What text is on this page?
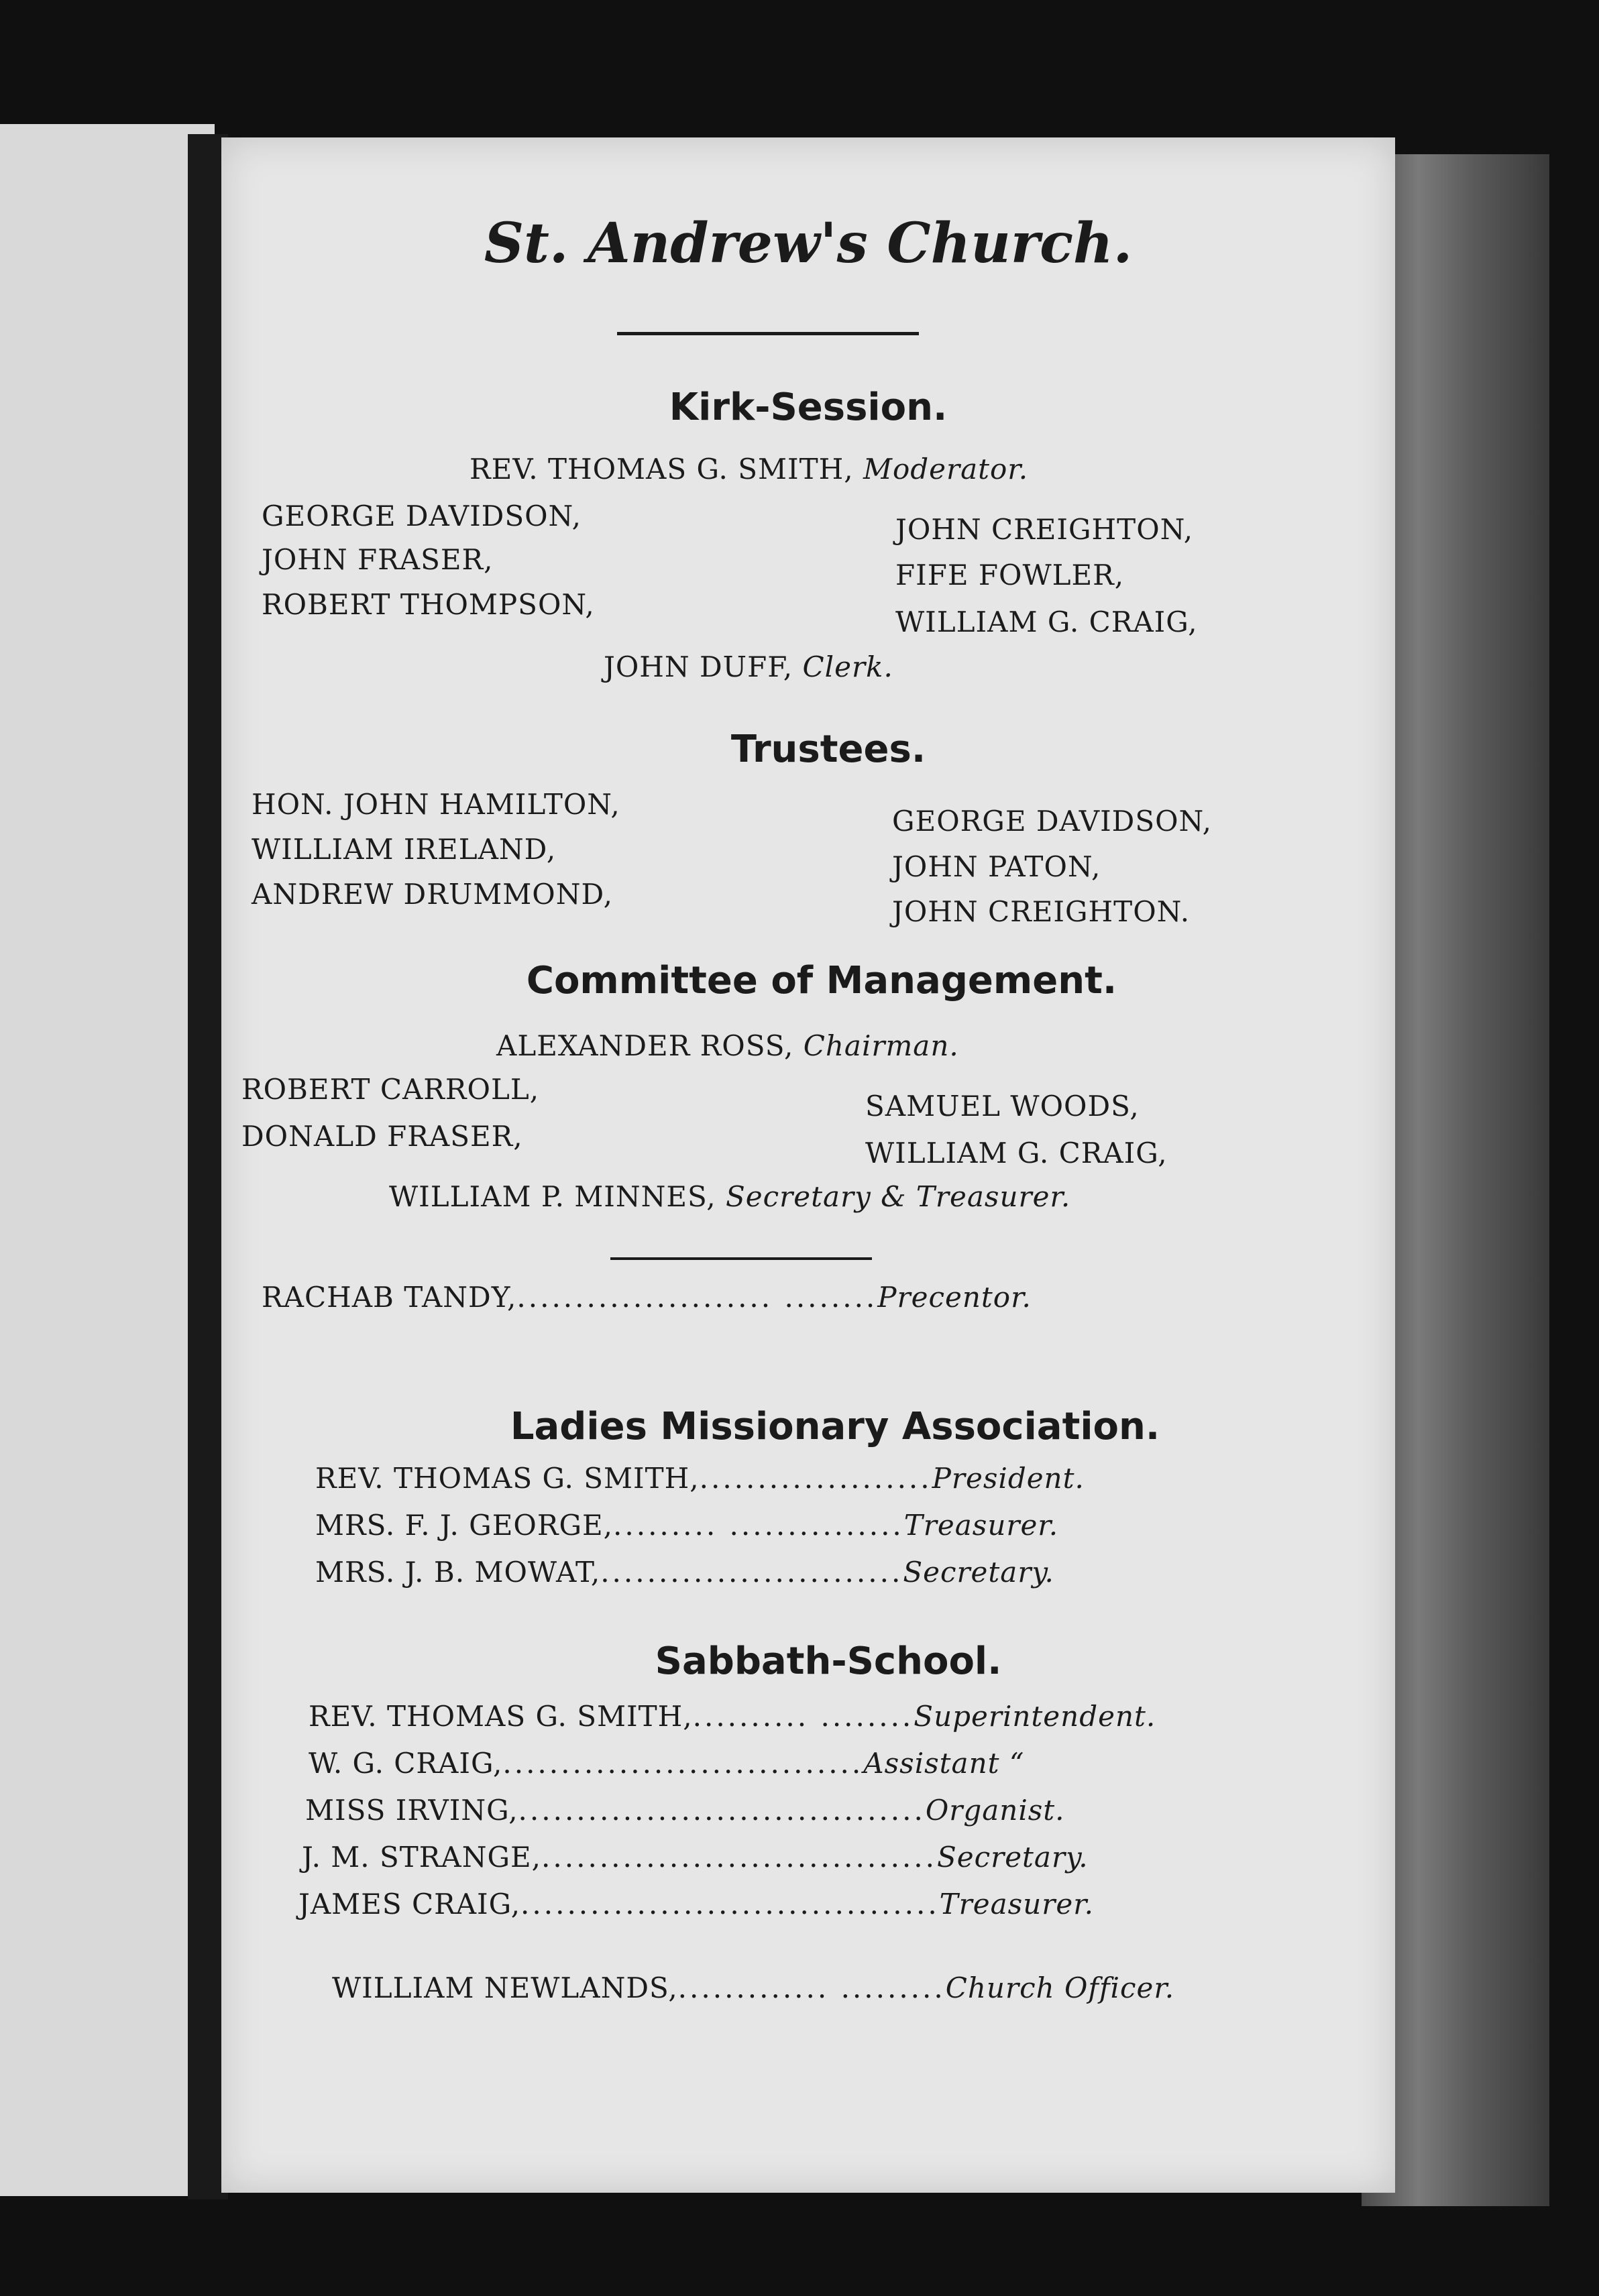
St. Andrew's Church.
Kirk-Session.
REV. THOMAS G. SMITH, Moderator.
GEORGE DAVIDSON,
JOHN FRASER,
ROBERT THOMPSON,
JOHN CREIGHTON,
FIFE FOWLER,
WILLIAM G. CRAIG,
JOHN DUFF, Clerk.
Trustees.
HON. JOHN HAMILTON,
WILLIAM IRELAND,
ANDREW DRUMMOND,
GEORGE DAVIDSON,
JOHN PATON,
JOHN CREIGHTON.
Committee of Management.
ALEXANDER ROSS, Chairman.
ROBERT CARROLL,
DONALD FRASER,
SAMUEL WOODS,
WILLIAM G. CRAIG,
WILLIAM P. MINNES, Secretary & Treasurer.
RACHAB TANDY,...................... ........Precentor.
Ladies Missionary Association.
REV. THOMAS G. SMITH,....................President.
MRS. F. J. GEORGE,......... ...............Treasurer.
MRS. J. B. MOWAT,..........................Secretary.
Sabbath-School.
REV. THOMAS G. SMITH,.......... ........Superintendent.
W. G. CRAIG,...............................Assistant “
MISS IRVING,...................................Organist.
J. M. STRANGE,..................................Secretary.
JAMES CRAIG,....................................Treasurer.
WILLIAM NEWLANDS,............. .........Church Officer.
